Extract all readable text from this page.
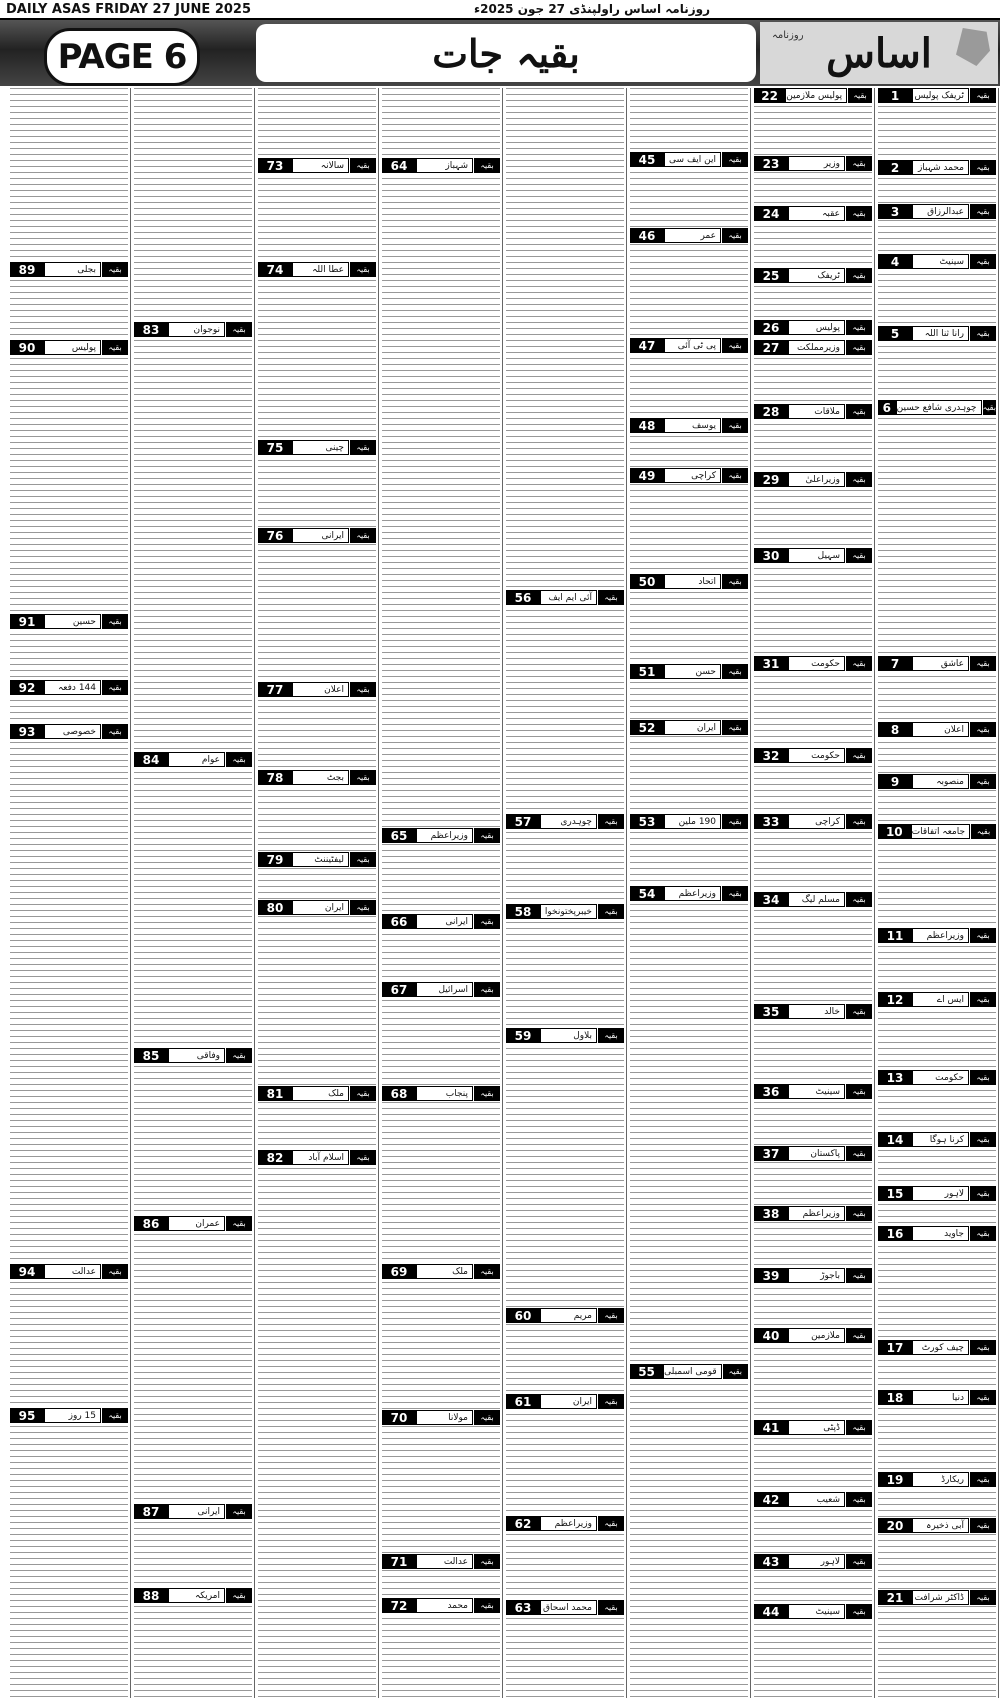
DAILY ASAS FRIDAY 27 JUNE 2025	روزنامہ اساس راولپنڈی 27 جون 2025ء
PAGE 6	بقیہ جات	روزنامہ اساس
1	ٹریفک پولیس	بقیہ
2	محمد شہباز	بقیہ
3	عبدالرزاق	بقیہ
4	سینیٹ	بقیہ
5	رانا ثنا اللہ	بقیہ
6 چوہدری شافع حسین بقیہ
7	عاشق	بقیہ
8	اعلان	بقیہ
9	منصوبہ	بقیہ
10 جامعہ اتفاقات	بقیہ
11	وزیراعظم	بقیہ
12	ایس اے	بقیہ
13	حکومت	بقیہ
14	کرنا ہوگا	بقیہ
15	لاہور	بقیہ
16	جاوید	بقیہ
17	چیف کورٹ	بقیہ
18	دنیا	بقیہ
19	ریکارڈ	بقیہ
20	آبی ذخیرہ	بقیہ
21	ڈاکٹر شرافت	بقیہ
22 پولیس ملازمین	بقیہ
23	وزیر	بقیہ
24	عقبہ	بقیہ
25	ٹریفک	بقیہ
26	پولیس	بقیہ
27	وزیرمملکت	بقیہ
28	ملاقات	بقیہ
29	وزیراعلیٰ	بقیہ
30	سہیل	بقیہ
31	حکومت	بقیہ
32	حکومت	بقیہ
33	کراچی	بقیہ
34	مسلم لیگ	بقیہ
35	خالد	بقیہ
36	سینیٹ	بقیہ
37	پاکستان	بقیہ
38	وزیراعظم	بقیہ
39	باجوڑ	بقیہ
40	ملازمین	بقیہ
41	ڈپٹی	بقیہ
42	شعیب	بقیہ
43	لاہور	بقیہ
44	سینیٹ	بقیہ
45	این ایف سی	بقیہ
46	عمر	بقیہ
47	پی ٹی آئی	بقیہ
48	یوسف	بقیہ
49	کراچی	بقیہ
50	اتحاد	بقیہ
51	حسن	بقیہ
52	ایران	بقیہ
53	190 ملین	بقیہ
54	وزیراعظم	بقیہ
55	قومی اسمبلی	بقیہ
56	آئی ایم ایف	بقیہ
57	چوہدری	بقیہ
58	خیبرپختونخوا	بقیہ
59	بلاول	بقیہ
60	مریم	بقیہ
61	ایران	بقیہ
62	وزیراعظم	بقیہ
63	محمد اسحاق	بقیہ
64	شہباز	بقیہ
65	وزیراعظم	بقیہ
66	ایرانی	بقیہ
67	اسرائیل	بقیہ
68	پنجاب	بقیہ
69	ملک	بقیہ
70	مولانا	بقیہ
71	عدالت	بقیہ
72	محمد	بقیہ
73	سالانہ	بقیہ
74	عطا اللہ	بقیہ
75	چینی	بقیہ
76	ایرانی	بقیہ
77	اعلان	بقیہ
78	بجٹ	بقیہ
79	لیفٹیننٹ	بقیہ
80	ایران	بقیہ
81	ملک	بقیہ
82	اسلام آباد	بقیہ
83	نوجوان	بقیہ
84	عوام	بقیہ
85	وفاقی	بقیہ
86	عمران	بقیہ
87	ایرانی	بقیہ
88	امریکہ	بقیہ
89	بجلی	بقیہ
90	پولیس	بقیہ
91	حسین	بقیہ
92	144 دفعہ	بقیہ
93	خصوصی	بقیہ
94	عدالت	بقیہ
95	15 روز	بقیہ
